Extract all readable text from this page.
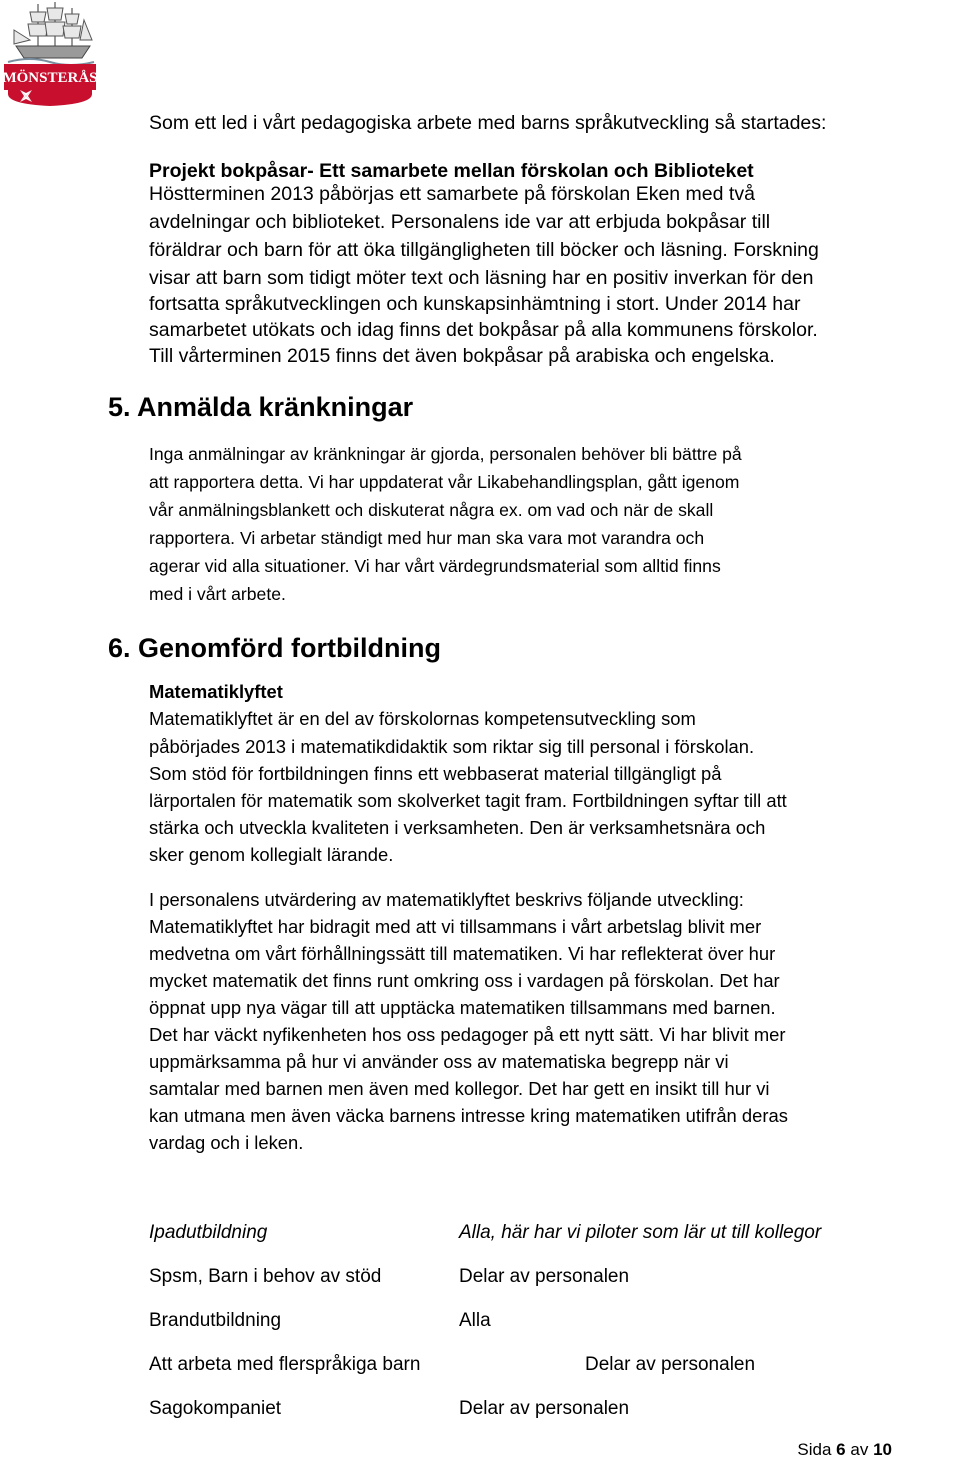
MÖNSTERÅS

Som ett led i vårt pedagogiska arbete med barns språkutveckling så startades:

Projekt bokpåsar- Ett samarbete mellan förskolan och Biblioteket

Höstterminen 2013 påbörjas ett samarbete på förskolan Eken med två

avdelningar och biblioteket. Personalens ide var att erbjuda bokpåsar till

föräldrar och barn för att öka tillgängligheten till böcker och läsning. Forskning

visar att barn som tidigt möter text och läsning har en positiv inverkan för den

fortsatta språkutvecklingen och kunskapsinhämtning i stort. Under 2014 har

samarbetet utökats och idag finns det bokpåsar på alla kommunens förskolor.

Till vårterminen 2015 finns det även bokpåsar på arabiska och engelska.

5. Anmälda kränkningar

Inga anmälningar av kränkningar är gjorda, personalen behöver bli bättre på

att rapportera detta. Vi har uppdaterat vår Likabehandlingsplan, gått igenom

vår anmälningsblankett och diskuterat några ex. om vad och när de skall

rapportera. Vi arbetar ständigt med hur man ska vara mot varandra och

agerar vid alla situationer. Vi har vårt värdegrundsmaterial som alltid finns

med i vårt arbete.

6. Genomförd fortbildning

Matematiklyftet

Matematiklyftet är en del av förskolornas kompetensutveckling som

påbörjades 2013 i matematikdidaktik som riktar sig till personal i förskolan.

Som stöd för fortbildningen finns ett webbaserat material tillgängligt på

lärportalen för matematik som skolverket tagit fram. Fortbildningen syftar till att

stärka och utveckla kvaliteten i verksamheten. Den är verksamhetsnära och

sker genom kollegialt lärande.

I personalens utvärdering av matematiklyftet beskrivs följande utveckling:

Matematiklyftet har bidragit med att vi tillsammans i vårt arbetslag blivit mer

medvetna om vårt förhållningssätt till matematiken. Vi har reflekterat över hur

mycket matematik det finns runt omkring oss i vardagen på förskolan. Det har

öppnat upp nya vägar till att upptäcka matematiken tillsammans med barnen.

Det har väckt nyfikenheten hos oss pedagoger på ett nytt sätt. Vi har blivit mer

uppmärksamma på hur vi använder oss av matematiska begrepp när vi

samtalar med barnen men även med kollegor. Det har gett en insikt till hur vi

kan utmana men även väcka barnens intresse kring matematiken utifrån deras

vardag och i leken.

Ipadutbildning	Alla, här har vi piloter som lär ut till kollegor
Spsm, Barn i behov av stöd	Delar av personalen
Brandutbildning	Alla
Att arbeta med flerspråkiga barn	Delar av personalen
Sagokompaniet	Delar av personalen
Sida 6 av 10
